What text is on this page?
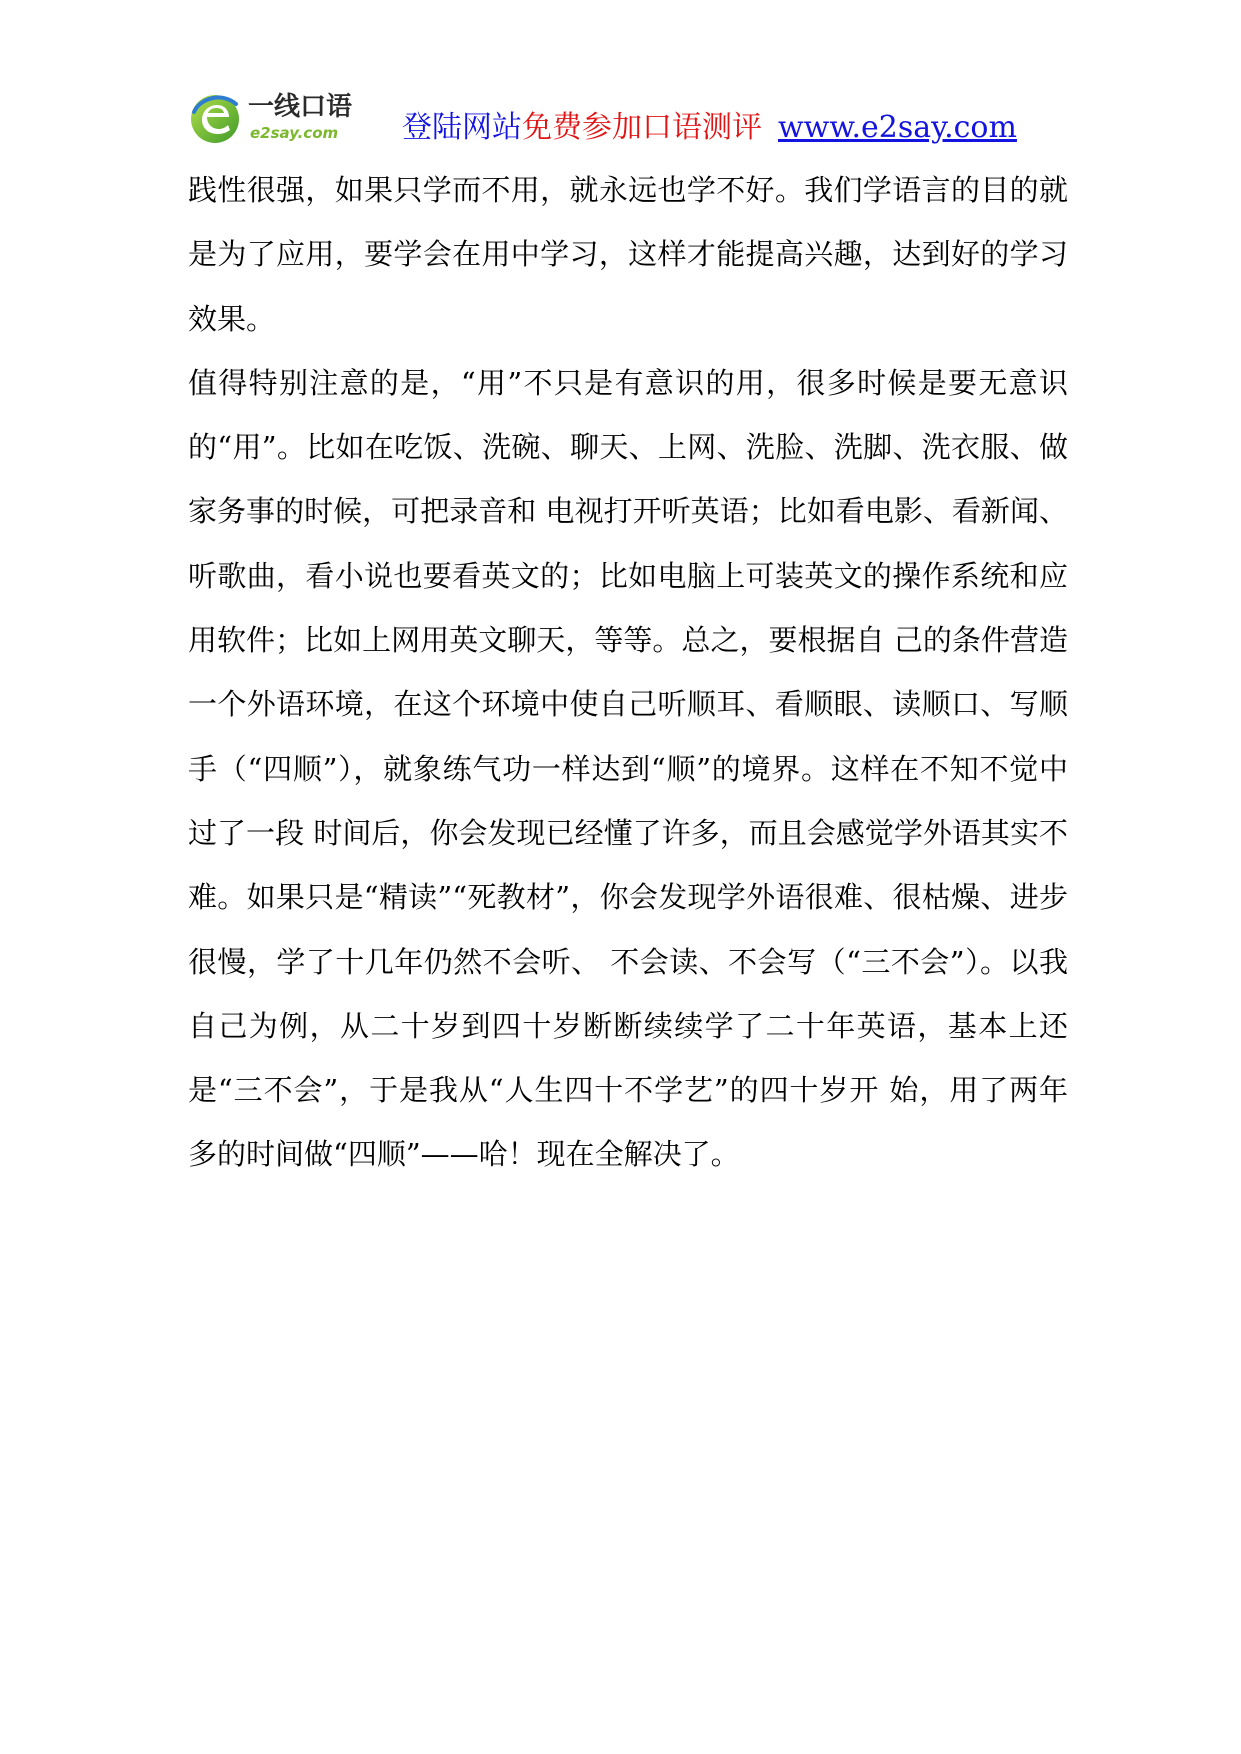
一线口语
e2say.com 登陆网站免费参加口语测评 www.e2say.com

践性很强，如果只学而不用，就永远也学不好。我们学语言的目的就是为了应用，要学会在用中学习，这样才能提高兴趣，达到好的学习效果。

值得特别注意的是，“用”不只是有意识的用，很多时候是要无意识的“用”。比如在吃饭、洗碗、聊天、上网、洗脸、洗脚、洗衣服、做家务事的时候，可把录音和 电视打开听英语；比如看电影、看新闻、听歌曲，看小说也要看英文的；比如电脑上可装英文的操作系统和应用软件；比如上网用英文聊天，等等。总之，要根据自 己的条件营造一个外语环境，在这个环境中使自己听顺耳、看顺眼、读顺口、写顺手（“四顺”），就象练气功一样达到“顺”的境界。这样在不知不觉中过了一段 时间后，你会发现已经懂了许多，而且会感觉学外语其实不难。如果只是“精读”“死教材”，你会发现学外语很难、很枯燥、进步很慢，学了十几年仍然不会听、 不会读、不会写（“三不会”）。以我自己为例，从二十岁到四十岁断断续续学了二十年英语，基本上还是“三不会”，于是我从“人生四十不学艺”的四十岁开 始，用了两年多的时间做“四顺”——哈！现在全解决了。
